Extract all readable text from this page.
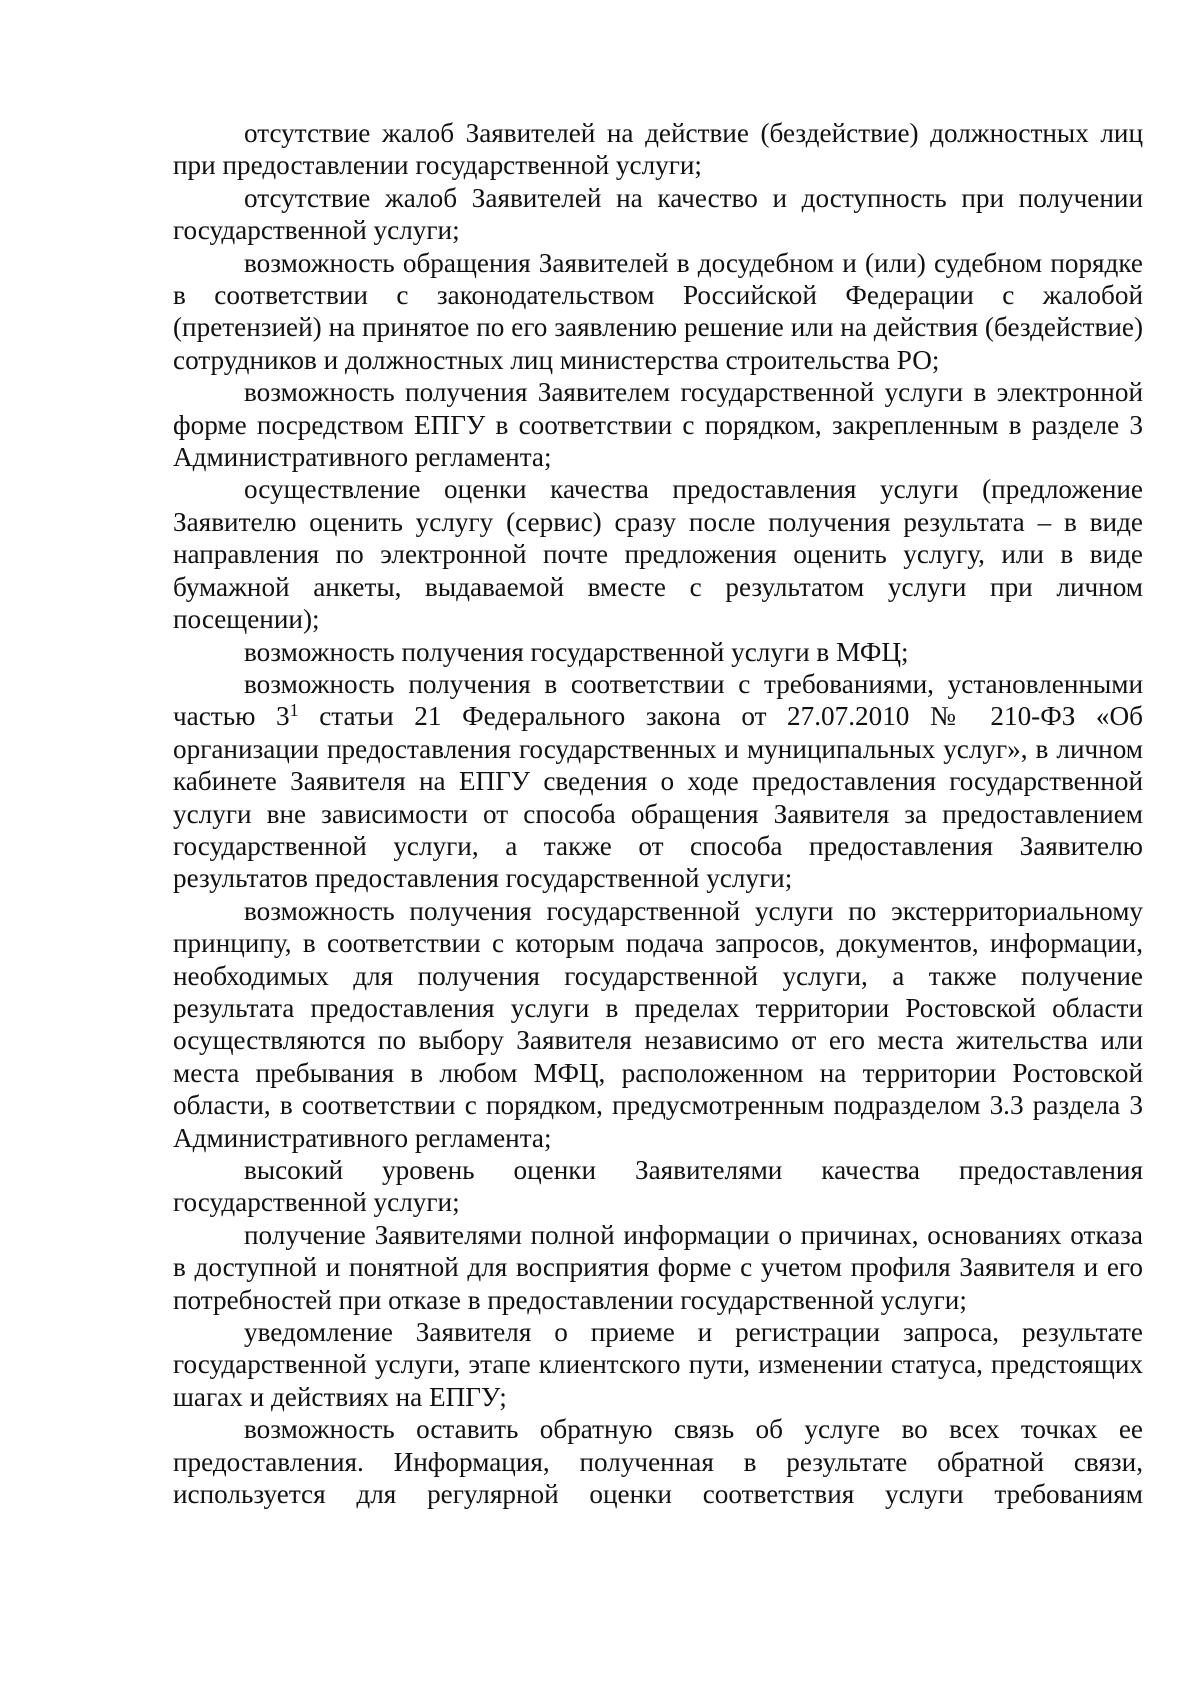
отсутствие жалоб Заявителей на действие (бездействие) должностных лиц при предоставлении государственной услуги;

отсутствие жалоб Заявителей на качество и доступность при получении государственной услуги;

возможность обращения Заявителей в досудебном и (или) судебном порядке в соответствии с законодательством Российской Федерации с жалобой (претензией) на принятое по его заявлению решение или на действия (бездействие) сотрудников и должностных лиц министерства строительства РО;

возможность получения Заявителем государственной услуги в электронной форме посредством ЕПГУ в соответствии с порядком, закрепленным в разделе 3 Административного регламента;

осуществление оценки качества предоставления услуги (предложение Заявителю оценить услугу (сервис) сразу после получения результата – в виде направления по электронной почте предложения оценить услугу, или в виде бумажной анкеты, выдаваемой вместе с результатом услуги при личном посещении);

возможность получения государственной услуги в МФЦ;

возможность получения в соответствии с требованиями, установленными частью $3^1$ статьи 21 Федерального закона от 27.07.2010 № 210-ФЗ «Об организации предоставления государственных и муниципальных услуг», в личном кабинете Заявителя на ЕПГУ сведения о ходе предоставления государственной услуги вне зависимости от способа обращения Заявителя за предоставлением государственной услуги, а также от способа предоставления Заявителю результатов предоставления государственной услуги;

возможность получения государственной услуги по экстерриториальному принципу, в соответствии с которым подача запросов, документов, информации, необходимых для получения государственной услуги, а также получение результата предоставления услуги в пределах территории Ростовской области осуществляются по выбору Заявителя независимо от его места жительства или места пребывания в любом МФЦ, расположенном на территории Ростовской области, в соответствии с порядком, предусмотренным подразделом 3.3 раздела 3 Административного регламента;

высокий уровень оценки Заявителями качества предоставления государственной услуги;

получение Заявителями полной информации о причинах, основаниях отказа в доступной и понятной для восприятия форме с учетом профиля Заявителя и его потребностей при отказе в предоставлении государственной услуги;

уведомление Заявителя о приеме и регистрации запроса, результате государственной услуги, этапе клиентского пути, изменении статуса, предстоящих шагах и действиях на ЕПГУ;

возможность оставить обратную связь об услуге во всех точках ее предоставления. Информация, полученная в результате обратной связи, используется для регулярной оценки соответствия услуги требованиям
